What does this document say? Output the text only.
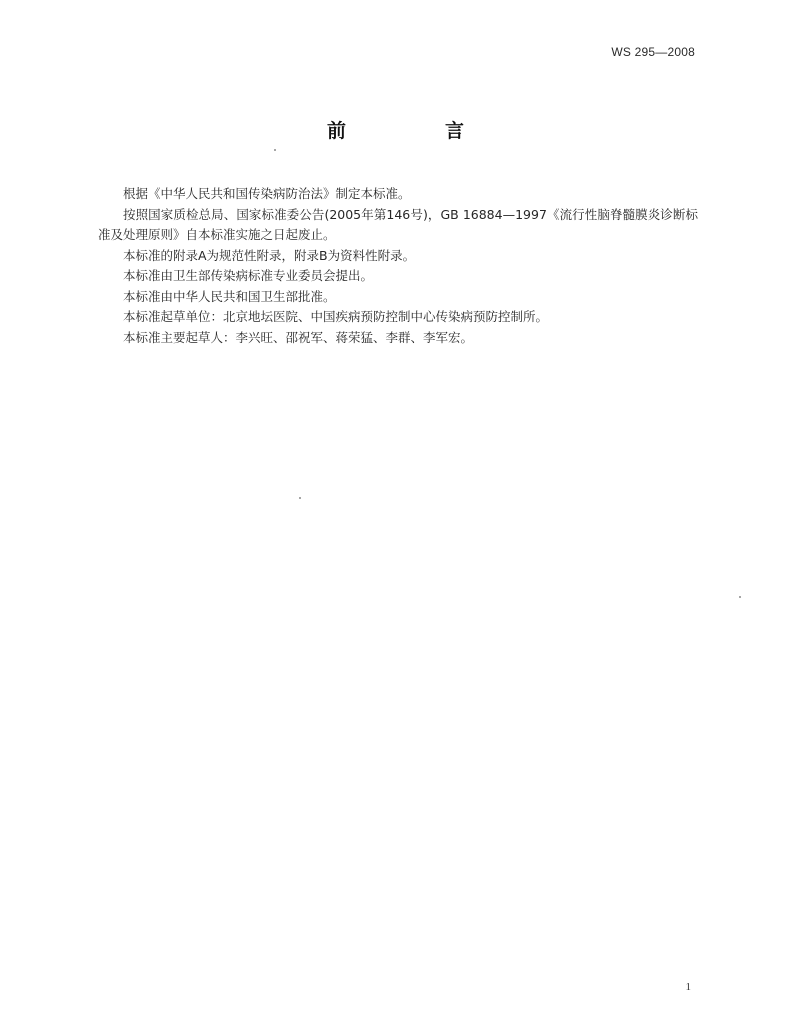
WS 295—2008
前　言

根据《中华人民共和国传染病防治法》制定本标准。

按照国家质检总局、国家标准委公告(2005年第146号)，GB 16884—1997《流行性脑脊髓膜炎诊断标准及处理原则》自本标准实施之日起废止。

本标准的附录A为规范性附录，附录B为资料性附录。

本标准由卫生部传染病标准专业委员会提出。

本标准由中华人民共和国卫生部批准。

本标准起草单位：北京地坛医院、中国疾病预防控制中心传染病预防控制所。

本标准主要起草人：李兴旺、邵祝军、蒋荣猛、李群、李军宏。

1
